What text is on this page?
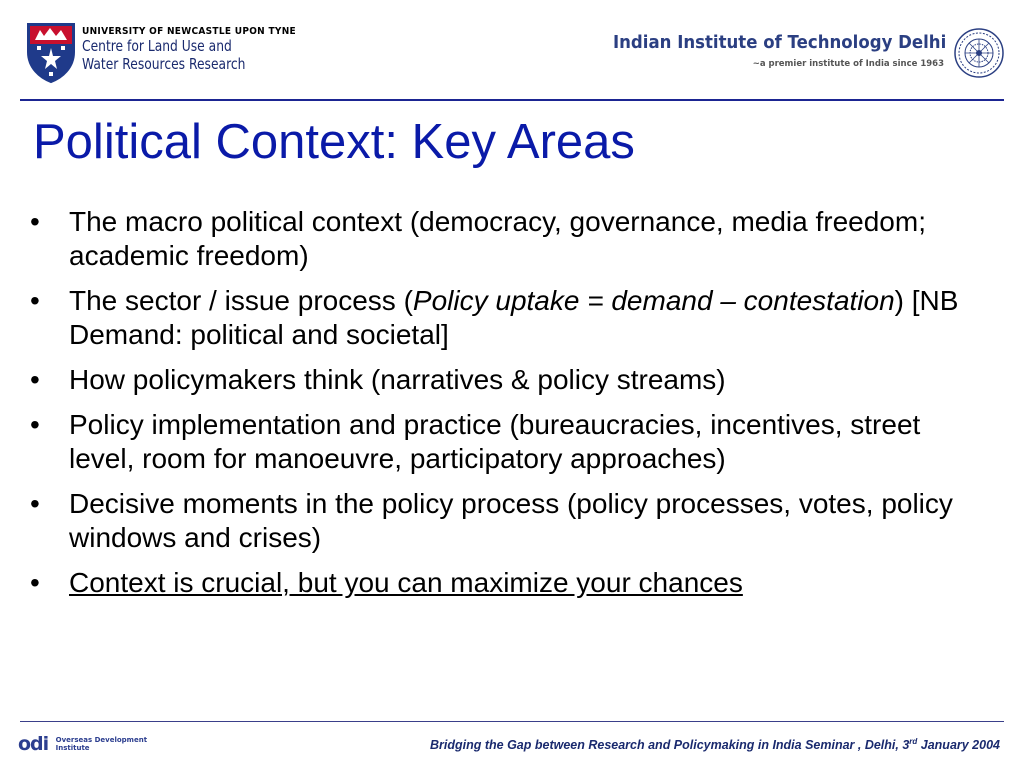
UNIVERSITY OF NEWCASTLE UPON TYNE
Centre for Land Use and
Water Resources Research
Indian Institute of Technology Delhi
~a premier institute of India since 1963
Political Context: Key Areas
•	The macro political context (democracy, governance, media freedom; academic freedom)
•	The sector / issue process (Policy uptake = demand – contestation) [NB Demand: political and societal]
•	How policymakers think (narratives & policy streams)
•	Policy implementation and practice (bureaucracies, incentives, street level, room for manoeuvre, participatory approaches)
•	Decisive moments in the policy process (policy processes, votes, policy windows and crises)
•	Context is crucial, but you can maximize your chances
odi Overseas Development
Institute	Bridging the Gap between Research and Policymaking in India Seminar , Delhi, 3rd January 2004
